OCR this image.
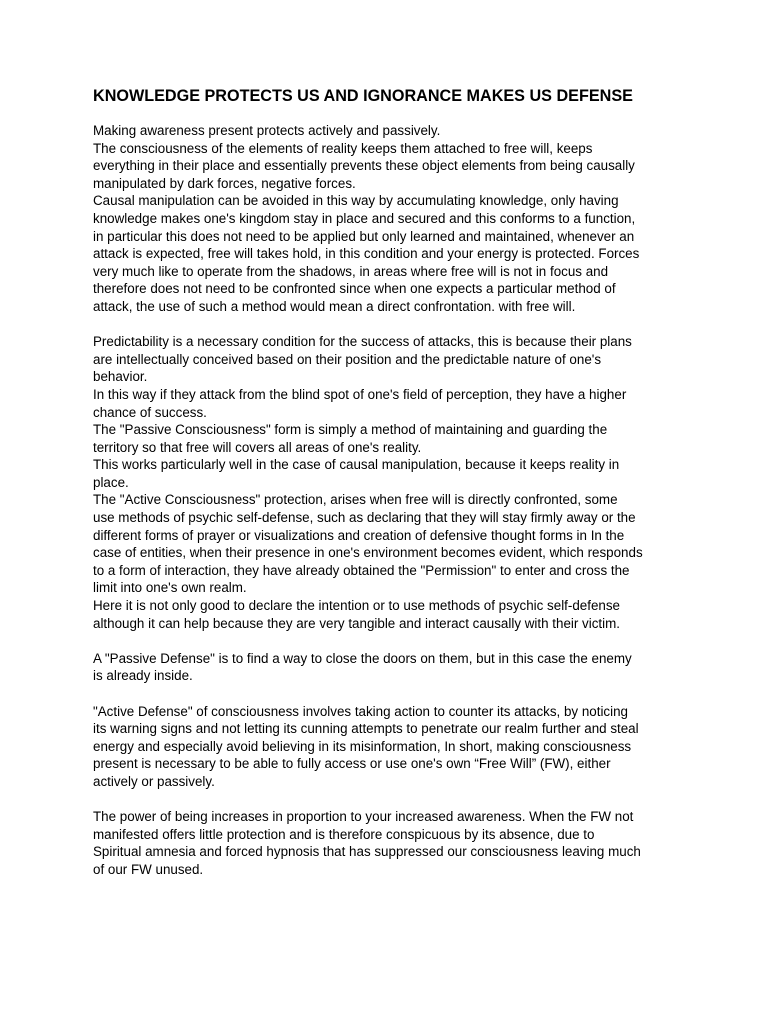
KNOWLEDGE PROTECTS US AND IGNORANCE MAKES US DEFENSE
Making awareness present protects actively and passively.
The consciousness of the elements of reality keeps them attached to free will, keeps
everything in their place and essentially prevents these object elements from being causally
manipulated by dark forces, negative forces.
Causal manipulation can be avoided in this way by accumulating knowledge, only having
knowledge makes one's kingdom stay in place and secured and this conforms to a function,
in particular this does not need to be applied but only learned and maintained, whenever an
attack is expected, free will takes hold, in this condition and your energy is protected. Forces
very much like to operate from the shadows, in areas where free will is not in focus and
therefore does not need to be confronted since when one expects a particular method of
attack, the use of such a method would mean a direct confrontation. with free will.
Predictability is a necessary condition for the success of attacks, this is because their plans
are intellectually conceived based on their position and the predictable nature of one's
behavior.
In this way if they attack from the blind spot of one's field of perception, they have a higher
chance of success.
The "Passive Consciousness" form is simply a method of maintaining and guarding the
territory so that free will covers all areas of one's reality.
This works particularly well in the case of causal manipulation, because it keeps reality in
place.
The "Active Consciousness" protection, arises when free will is directly confronted, some
use methods of psychic self-defense, such as declaring that they will stay firmly away or the
different forms of prayer or visualizations and creation of defensive thought forms in In the
case of entities, when their presence in one's environment becomes evident, which responds
to a form of interaction, they have already obtained the "Permission" to enter and cross the
limit into one's own realm.
Here it is not only good to declare the intention or to use methods of psychic self-defense
although it can help because they are very tangible and interact causally with their victim.
A "Passive Defense" is to find a way to close the doors on them, but in this case the enemy
is already inside.
"Active Defense" of consciousness involves taking action to counter its attacks, by noticing
its warning signs and not letting its cunning attempts to penetrate our realm further and steal
energy and especially avoid believing in its misinformation, In short, making consciousness
present is necessary to be able to fully access or use one's own “Free Will” (FW), either
actively or passively.
The power of being increases in proportion to your increased awareness. When the FW not
manifested offers little protection and is therefore conspicuous by its absence, due to
Spiritual amnesia and forced hypnosis that has suppressed our consciousness leaving much
of our FW unused.
